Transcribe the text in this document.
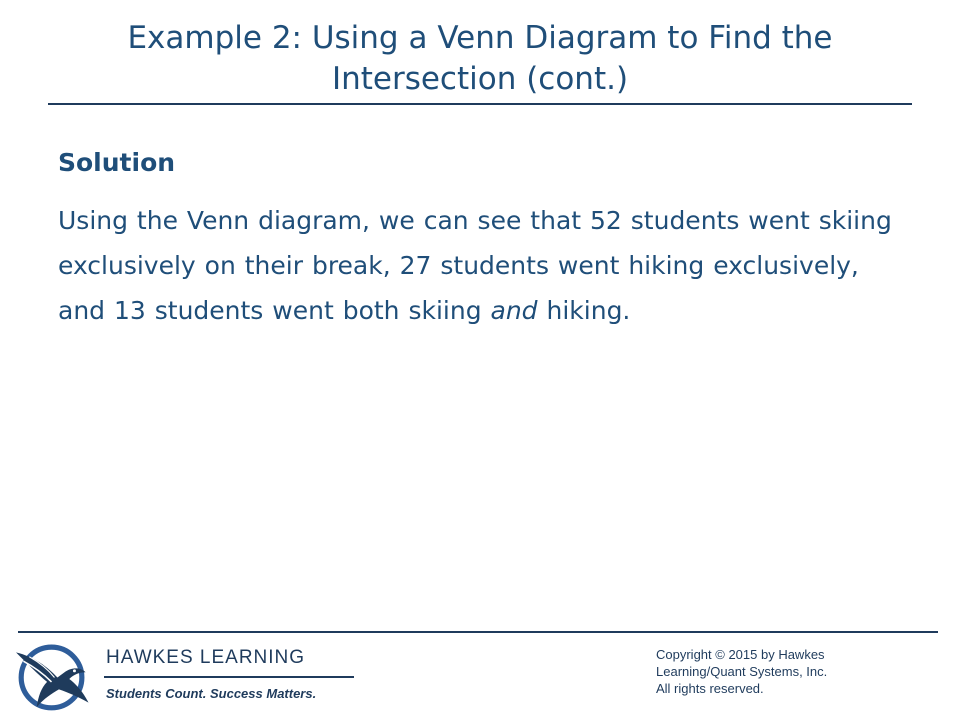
Example 2: Using a Venn Diagram to Find the
Intersection (cont.)

Solution

Using the Venn diagram, we can see that 52 students went skiing exclusively on their break, 27 students went hiking exclusively, and 13 students went both skiing and hiking.

HAWKES LEARNING
Students Count. Success Matters.
Copyright © 2015 by Hawkes
Learning/Quant Systems, Inc.
All rights reserved.
